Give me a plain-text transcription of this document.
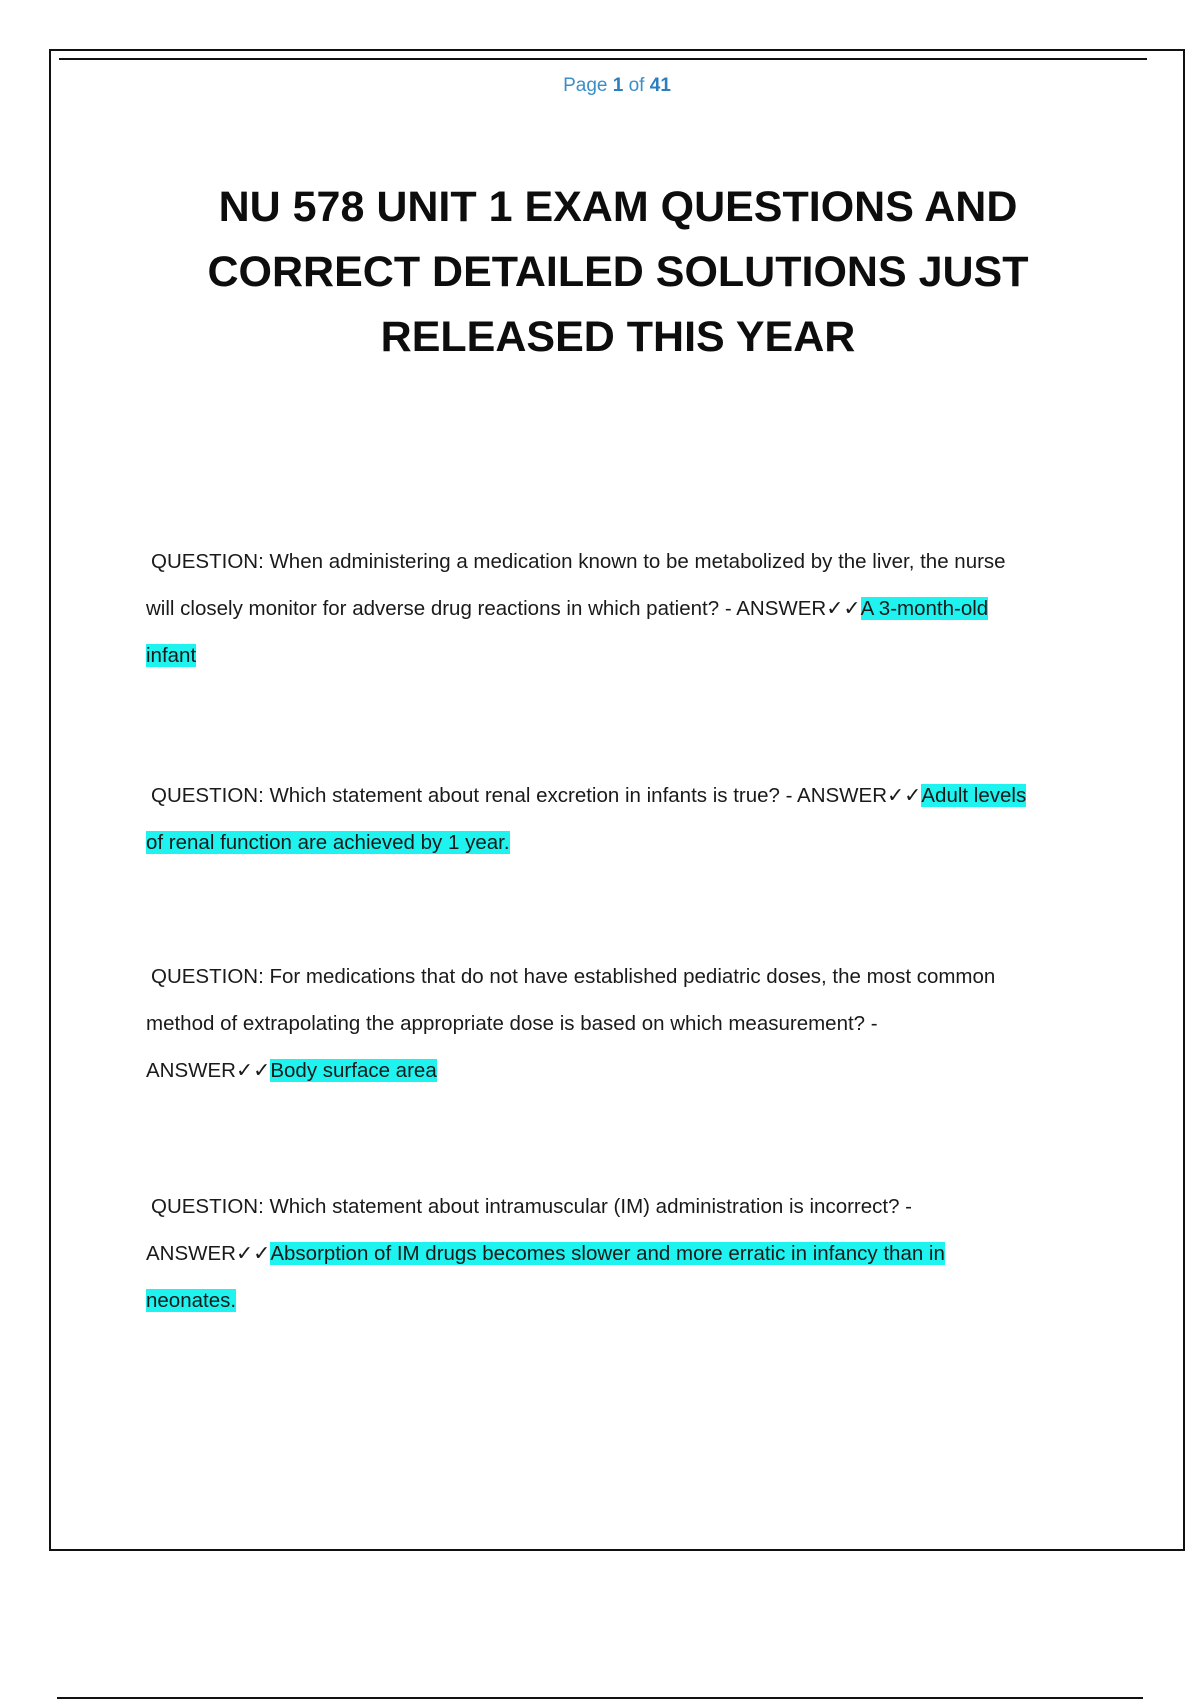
Page 1 of 41
NU 578 UNIT 1 EXAM QUESTIONS AND
CORRECT DETAILED SOLUTIONS JUST
RELEASED THIS YEAR
QUESTION: When administering a medication known to be metabolized by the liver, the nurse
will closely monitor for adverse drug reactions in which patient? - ANSWER✓✓A 3-month-old
infant
QUESTION: Which statement about renal excretion in infants is true? - ANSWER✓✓Adult levels
of renal function are achieved by 1 year.
QUESTION: For medications that do not have established pediatric doses, the most common
method of extrapolating the appropriate dose is based on which measurement? -
ANSWER✓✓Body surface area
QUESTION: Which statement about intramuscular (IM) administration is incorrect? -
ANSWER✓✓Absorption of IM drugs becomes slower and more erratic in infancy than in
neonates.
